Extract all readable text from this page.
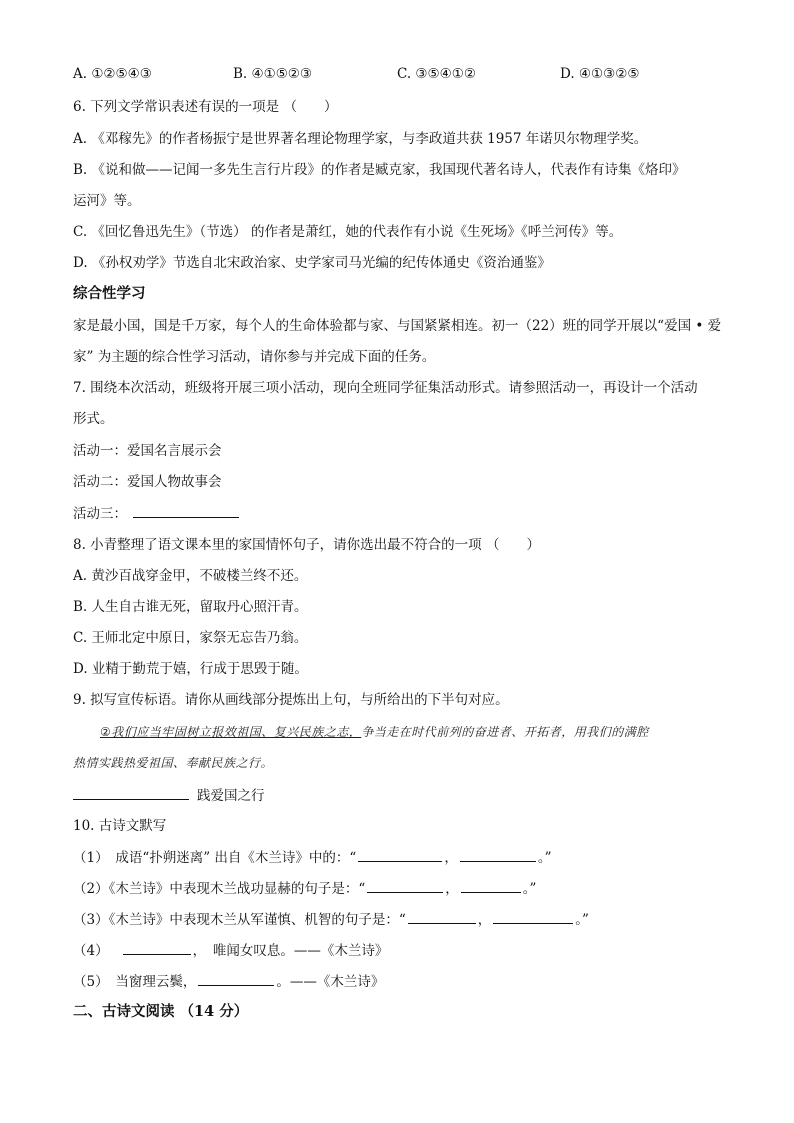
A. ①②⑤④③	B. ④①⑤②③	C. ③⑤④①②	D. ④①③②⑤
6. 下列文学常识表述有误的一项是 （　　）
A. 《邓稼先》的作者杨振宁是世界著名理论物理学家，与李政道共获 1957 年诺贝尔物理学奖。
B. 《说和做——记闻一多先生言行片段》的作者是臧克家，我国现代著名诗人，代表作有诗集《烙印》
运河》等。
C. 《回忆鲁迅先生》（节选） 的作者是萧红，她的代表作有小说《生死场》《呼兰河传》等。
D. 《孙权劝学》节选自北宋政治家、史学家司马光编的纪传体通史《资治通鉴》
综合性学习
家是最小国，国是千万家，每个人的生命体验都与家、与国紧紧相连。初一（22）班的同学开展以“爱国 • 爱
家” 为主题的综合性学习活动，请你参与并完成下面的任务。
7. 围绕本次活动，班级将开展三项小活动，现向全班同学征集活动形式。请参照活动一，再设计一个活动
形式。
活动一：爱国名言展示会
活动二：爱国人物故事会
活动三：
8. 小青整理了语文课本里的家国情怀句子，请你选出最不符合的一项 （　　）
A. 黄沙百战穿金甲，不破楼兰终不还。
B. 人生自古谁无死，留取丹心照汗青。
C. 王师北定中原日，家祭无忘告乃翁。
D. 业精于勤荒于嬉，行成于思毁于随。
9. 拟写宣传标语。请你从画线部分提炼出上句，与所给出的下半句对应。
②我们应当牢固树立报效祖国、复兴民族之志，争当走在时代前列的奋进者、开拓者，用我们的满腔
热情实践热爱祖国、奉献民族之行。
践爱国之行
10. 古诗文默写
（1）　成语“扑朔迷离” 出自《木兰诗》中的：“	，	。”
（2）《木兰诗》中表现木兰战功显赫的句子是：“	，	。”
（3）《木兰诗》中表现木兰从军谨慎、机智的句子是：“	，	。”
（4）	，　唯闻女叹息。——《木兰诗》
（5）　当窗理云鬓，	。——《木兰诗》
二、古诗文阅读 （14 分）
